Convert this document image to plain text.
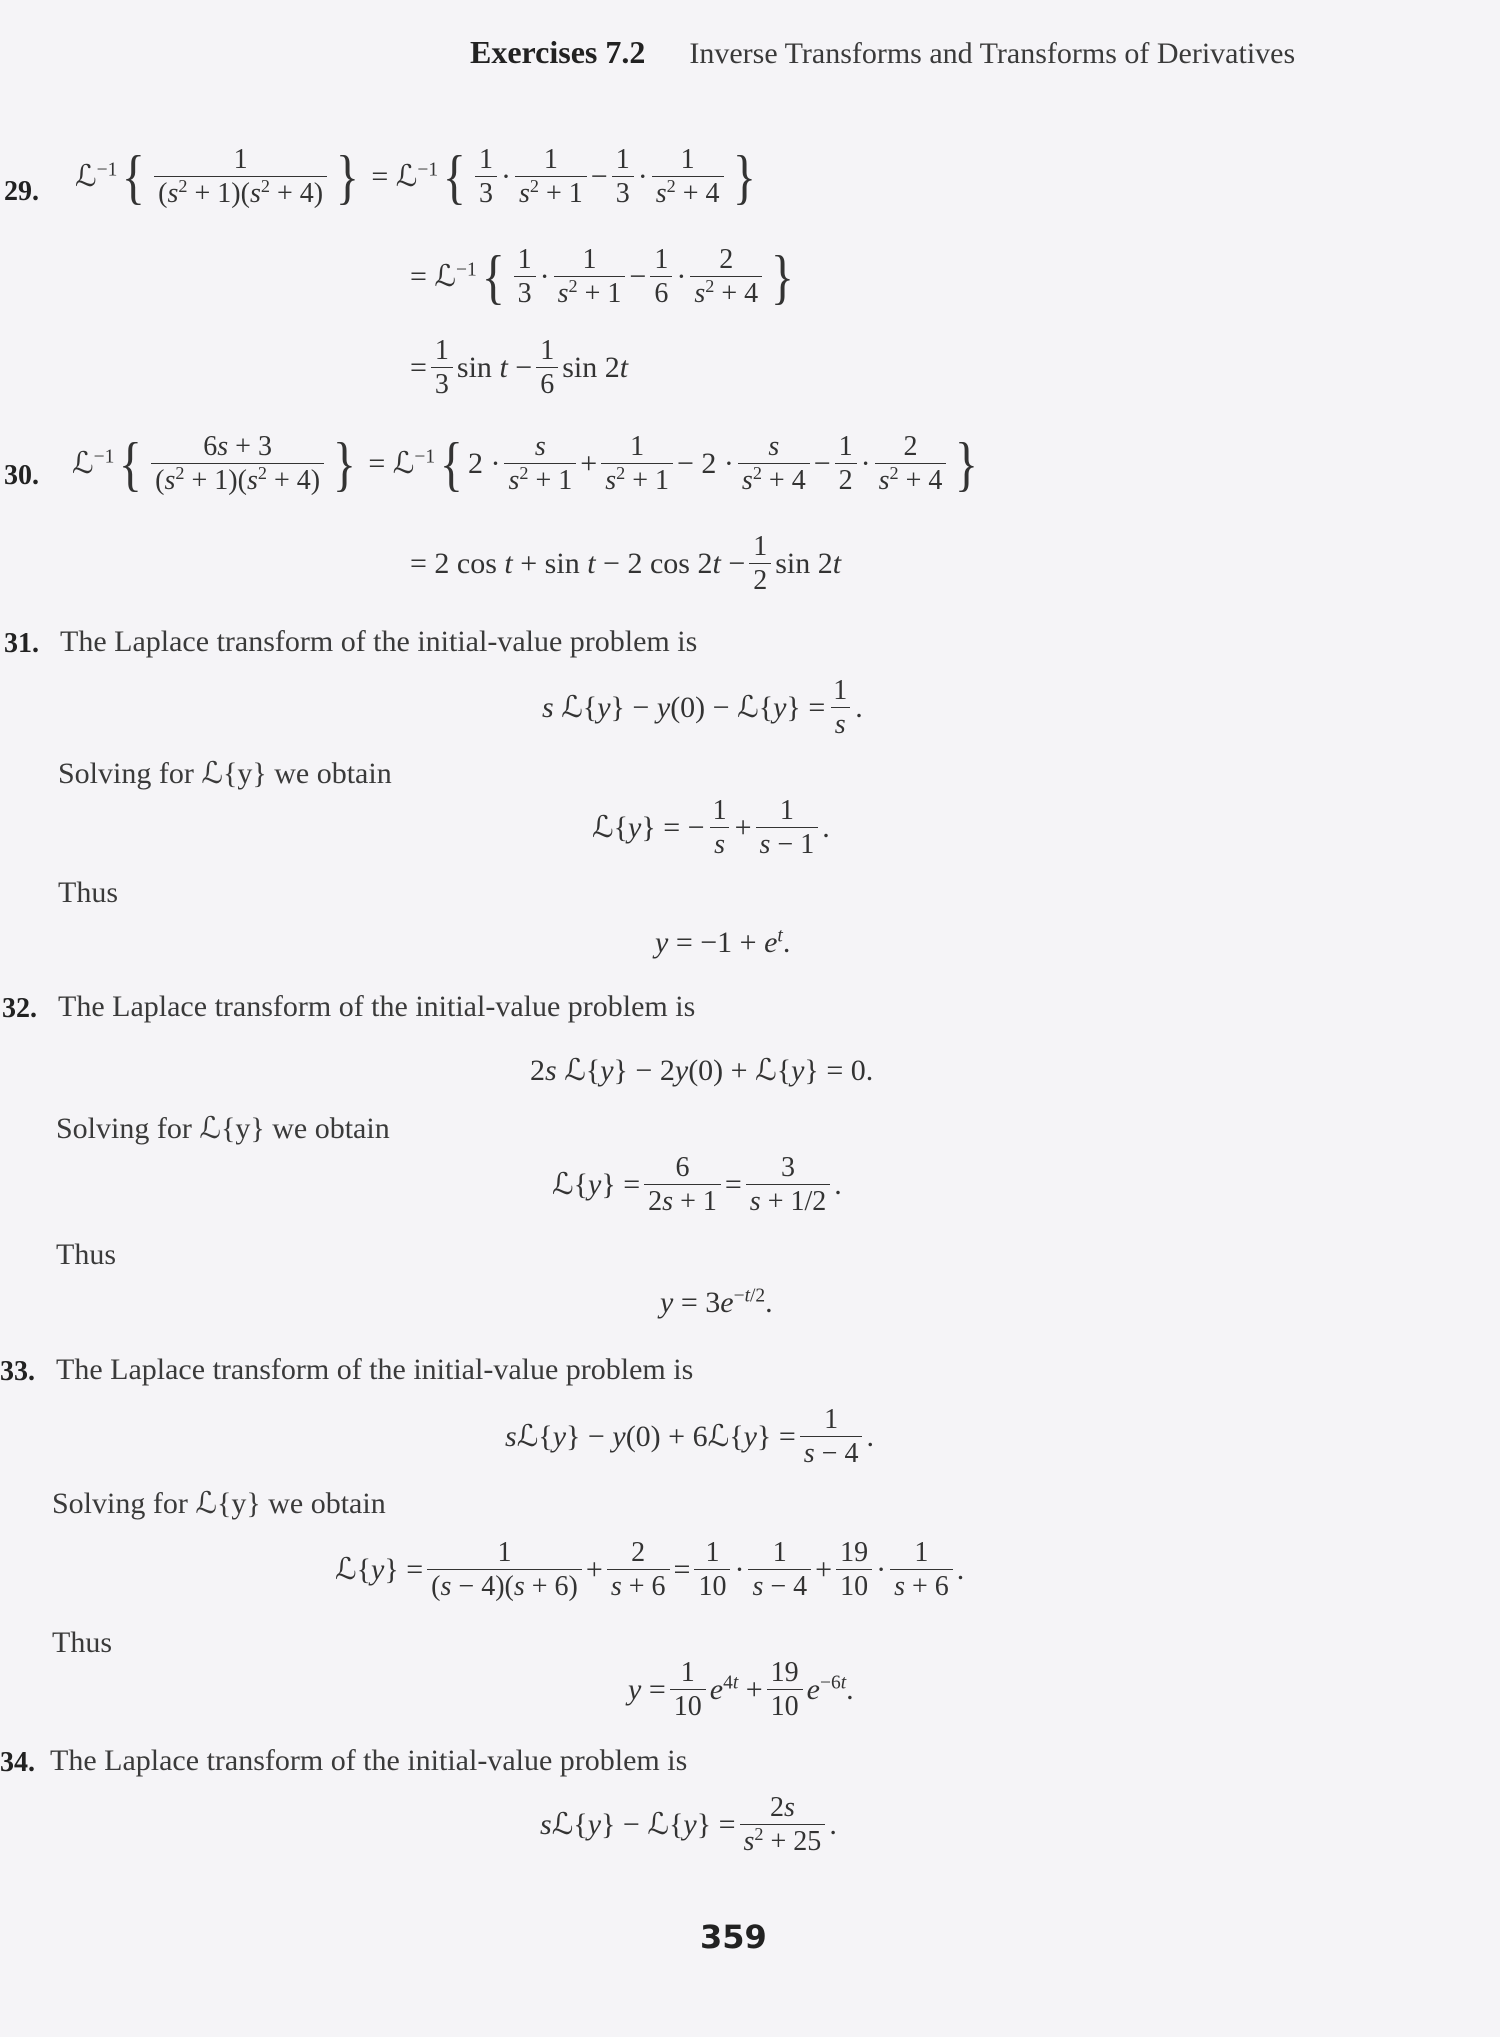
Exercises 7.2 Inverse Transforms and Transforms of Derivatives
29. ℒ$^{-1}$ { $\frac{1}{(s^2 + 1)(s^2 + 4)}$ } = ℒ$^{-1}$ { $\frac{1}{3} \cdot \frac{1}{s^2 + 1} - \frac{1}{3} \cdot \frac{1}{s^2 + 4}$ }
= ℒ$^{-1}$ { $\frac{1}{3} \cdot \frac{1}{s^2 + 1} - \frac{1}{6} \cdot \frac{2}{s^2 + 4}$ }
= $\frac{1}{3}$ $\sin t - \frac{1}{6}$ sin 2t
30. ℒ$^{-1}$ { $\frac{6s + 3}{(s^2 + 1)(s^2 + 4)}$ } = ℒ$^{-1}$ { $2 \cdot \frac{s}{s^2 + 1} + \frac{1}{s^2 + 1} - 2 \cdot \frac{s}{s^2 + 4} - \frac{1}{2} \cdot \frac{2}{s^2 + 4}$ }
= 2 cos t + sin t − 2 $\cos 2t - \frac{1}{2}$ sin 2t
31. The Laplace transform of the initial-value problem is
s ℒ{y} − y(0) − ℒ{y} = $\frac{1}{s}$ .
Solving for ℒ{y} we obtain
ℒ{y} = − $\frac{1}{s} + \frac{1}{s - 1}$ .
Thus
$y = -1 + e^t$.
32. The Laplace transform of the initial-value problem is
2s ℒ{y} − 2y(0) + ℒ{y} = 0.
Solving for ℒ{y} we obtain
ℒ{y} = $\frac{6}{2s + 1} = \frac{3}{s + 1/2}$ .
Thus
$y = 3e^{-t/2}$.
33. The Laplace transform of the initial-value problem is
sℒ{y} − y(0) + 6ℒ{y} = $\frac{1}{s - 4}$ .
Solving for ℒ{y} we obtain
ℒ{y} = $\frac{1}{(s - 4)(s + 6)} + \frac{2}{s + 6} = \frac{1}{10} \cdot \frac{1}{s - 4} + \frac{19}{10} \cdot \frac{1}{s + 6}$ .
Thus
$y = \frac{1}{10} e^{4t} + \frac{19}{10} e^{-6t}$.
34. The Laplace transform of the initial-value problem is
sℒ{y} − ℒ{y} = $\frac{2s}{s^2 + 25}$ .
359
